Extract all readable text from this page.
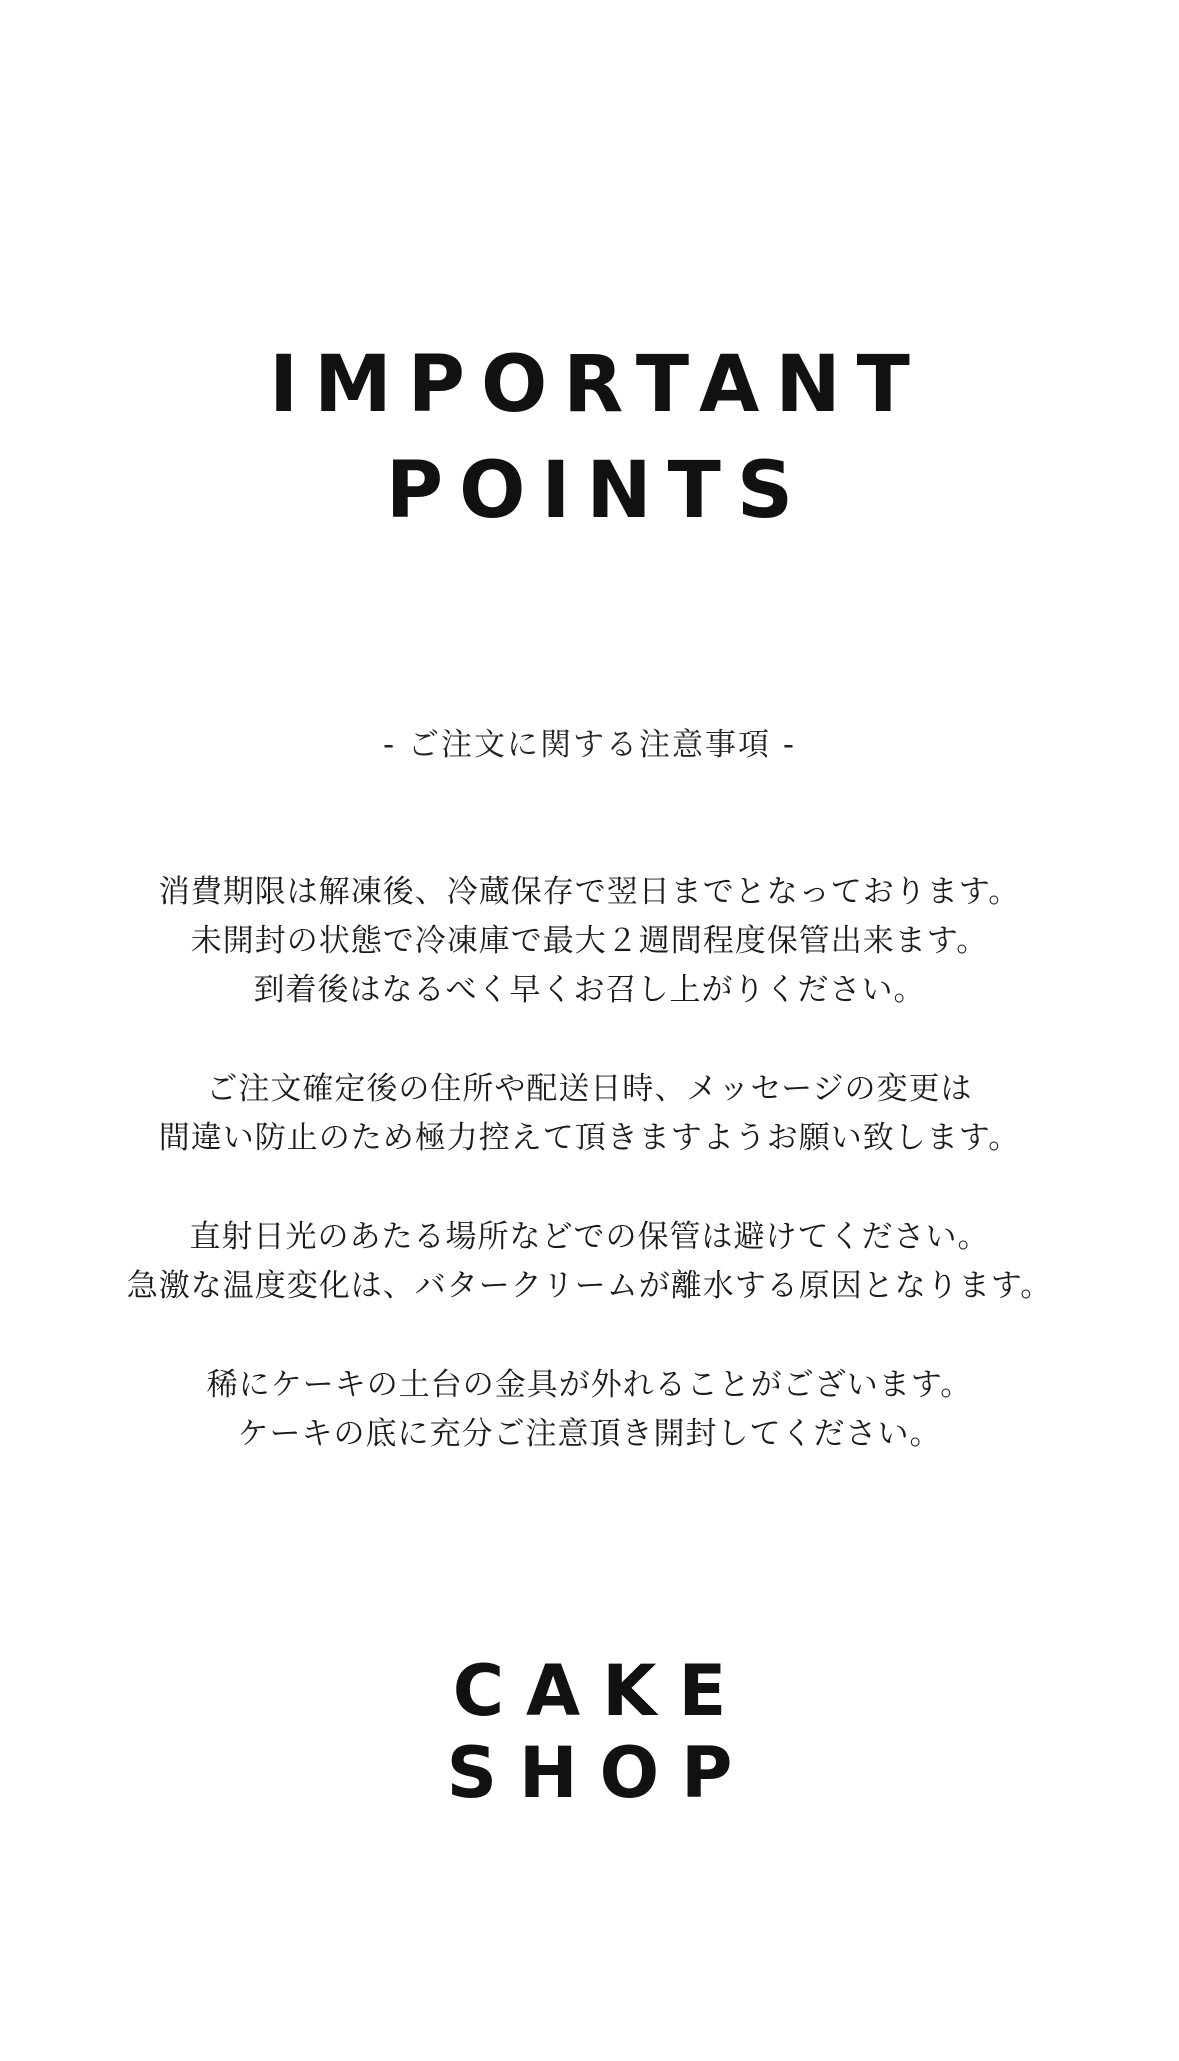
IMPORTANT
POINTS
- ご注文に関する注意事項 -

消費期限は解凍後、冷蔵保存で翌日までとなっております。
未開封の状態で冷凍庫で最大２週間程度保管出来ます。
到着後はなるべく早くお召し上がりください。

ご注文確定後の住所や配送日時、メッセージの変更は
間違い防止のため極力控えて頂きますようお願い致します。

直射日光のあたる場所などでの保管は避けてください。
急激な温度変化は、バタークリームが離水する原因となります。

稀にケーキの土台の金具が外れることがございます。
ケーキの底に充分ご注意頂き開封してください。

CAKE
SHOP
